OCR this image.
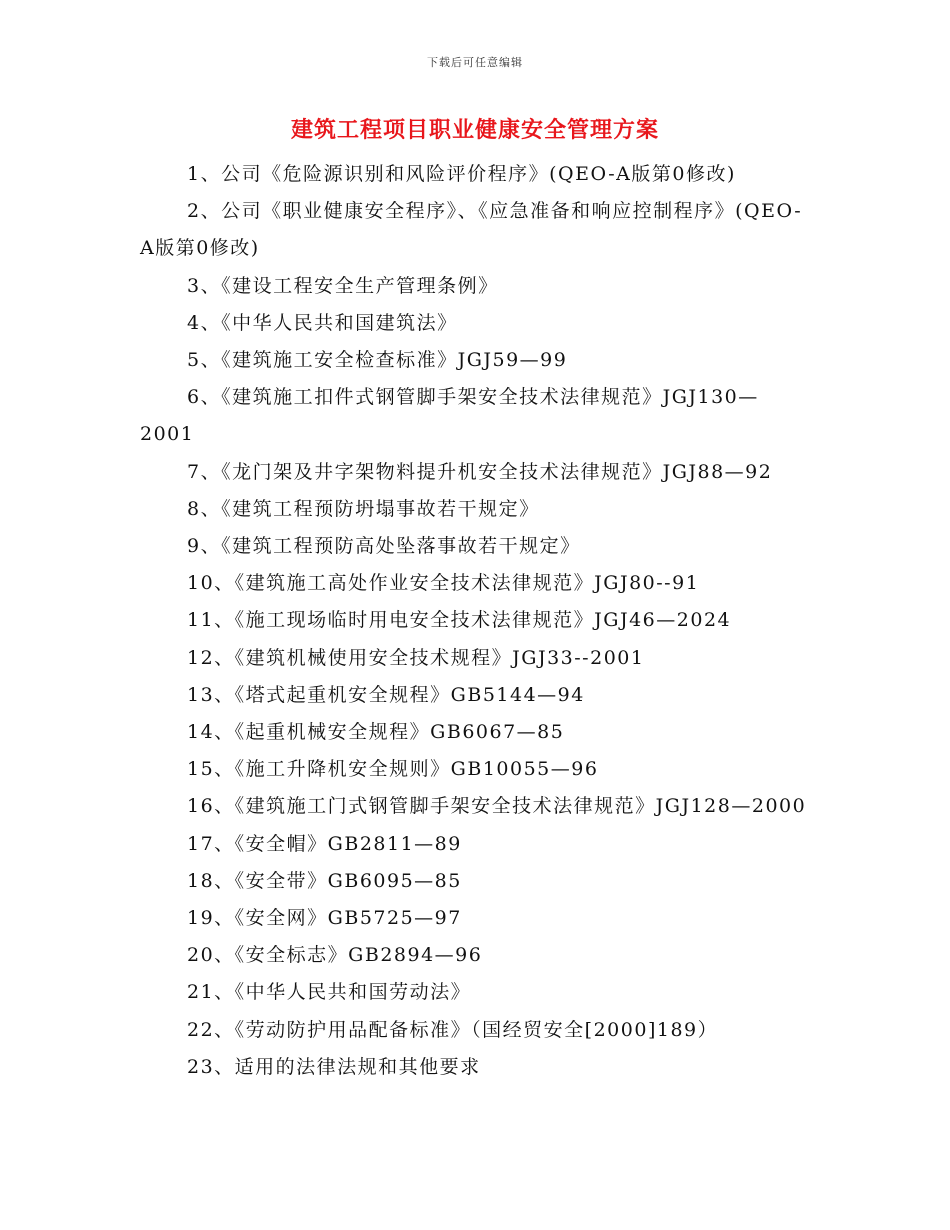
下载后可任意编辑
建筑工程项目职业健康安全管理方案
1、公司《危险源识别和风险评价程序》(QEO-A版第0修改)
2、公司《职业健康安全程序》、《应急准备和响应控制程序》(QEO-A版第0修改)
3、《建设工程安全生产管理条例》
4、《中华人民共和国建筑法》
5、《建筑施工安全检查标准》JGJ59—99
6、《建筑施工扣件式钢管脚手架安全技术法律规范》JGJ130—2001
7、《龙门架及井字架物料提升机安全技术法律规范》JGJ88—92
8、《建筑工程预防坍塌事故若干规定》
9、《建筑工程预防高处坠落事故若干规定》
10、《建筑施工高处作业安全技术法律规范》JGJ80--91
11、《施工现场临时用电安全技术法律规范》JGJ46—2024
12、《建筑机械使用安全技术规程》JGJ33--2001
13、《塔式起重机安全规程》GB5144—94
14、《起重机械安全规程》GB6067—85
15、《施工升降机安全规则》GB10055—96
16、《建筑施工门式钢管脚手架安全技术法律规范》JGJ128—2000
17、《安全帽》GB2811—89
18、《安全带》GB6095—85
19、《安全网》GB5725—97
20、《安全标志》GB2894—96
21、《中华人民共和国劳动法》
22、《劳动防护用品配备标准》（国经贸安全[2000]189）
23、适用的法律法规和其他要求
